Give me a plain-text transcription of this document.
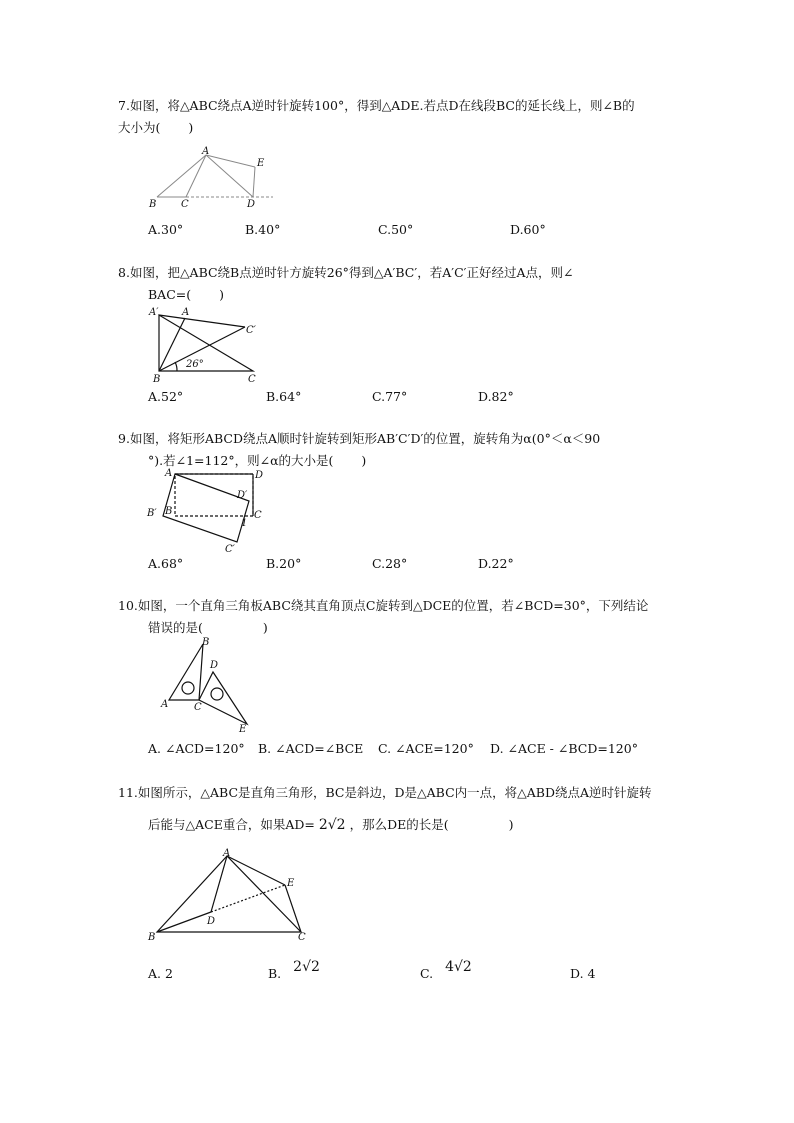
7.如图，将△ABC绕点A逆时针旋转100°，得到△ADE.若点D在线段BC的延长线上，则∠B的
大小为( )
A
E
B C	D
A.30°	B.40°	C.50°	D.60°
8.如图，把△ABC绕B点逆时针方旋转26°得到△A′BC′，若A′C′正好经过A点，则∠
BAC=( )
A′ A
C′
26°
B	C
A.52°	B.64°	C.77°	D.82°
9.如图，将矩形ABCD绕点A顺时针旋转到矩形AB′C′D′的位置，旋转角为α(0°＜α＜90
°).若∠1=112°，则∠α的大小是( )
A	D
D′
B′ B	C
1
C′
A.68°	B.20°	C.28°	D.22°
10.如图，一个直角三角板ABC绕其直角顶点C旋转到△DCE的位置，若∠BCD=30°，下列结论
错误的是(	)
B
D
A	C
E
A. ∠ACD=120° B. ∠ACD=∠BCE C. ∠ACE=120° D. ∠ACE - ∠BCD=120°
11.如图所示，△ABC是直角三角形，BC是斜边，D是△ABC内一点，将△ABD绕点A逆时针旋转
后能与△ACE重合，如果AD= 2√2 ，那么DE的长是(	)
A
E
D
B	C
A. 2	B. 2√2	C. 4√2	D. 4
